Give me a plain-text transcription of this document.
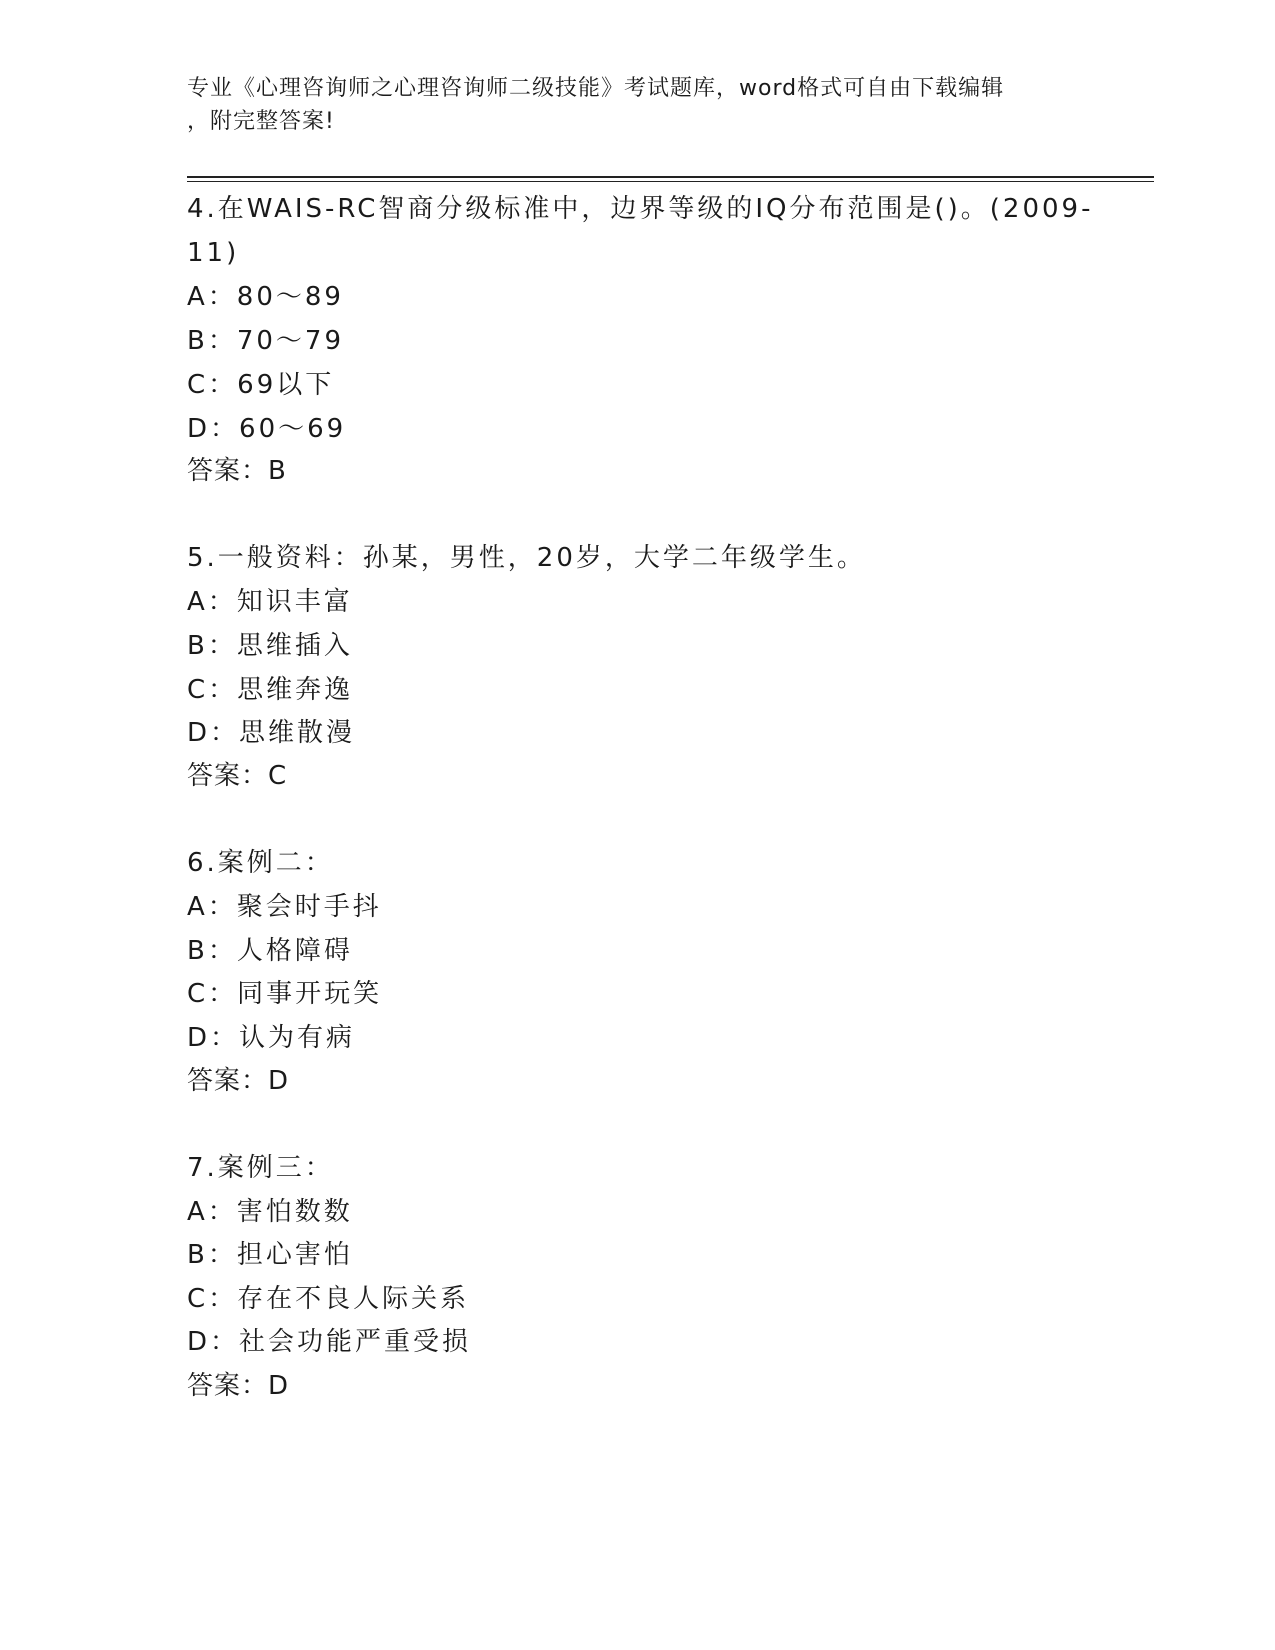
专业《心理咨询师之心理咨询师二级技能》考试题库，word格式可自由下载编辑
，附完整答案!
4.在WAIS-RC智商分级标准中，边界等级的IQ分布范围是()。(2009-
11)
A：80～89
B：70～79
C：69以下
D：60～69
答案：B
5.一般资料：孙某，男性，20岁，大学二年级学生。
A：知识丰富
B：思维插入
C：思维奔逸
D：思维散漫
答案：C
6.案例二：
A：聚会时手抖
B：人格障碍
C：同事开玩笑
D：认为有病
答案：D
7.案例三：
A：害怕数数
B：担心害怕
C：存在不良人际关系
D：社会功能严重受损
答案：D
